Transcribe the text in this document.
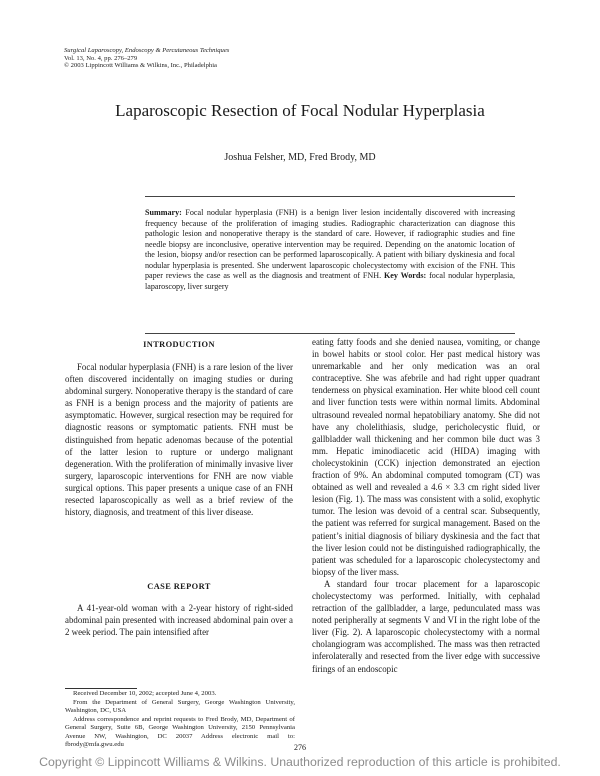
Surgical Laparoscopy, Endoscopy & Percutaneous Techniques
Vol. 13, No. 4, pp. 276–279
© 2003 Lippincott Williams & Wilkins, Inc., Philadelphia
Laparoscopic Resection of Focal Nodular Hyperplasia
Joshua Felsher, MD, Fred Brody, MD
Summary: Focal nodular hyperplasia (FNH) is a benign liver lesion incidentally discovered with increasing frequency because of the proliferation of imaging studies. Radiographic characterization can diagnose this pathologic lesion and nonoperative therapy is the standard of care. However, if radiographic studies and fine needle biopsy are inconclusive, operative intervention may be required. Depending on the anatomic location of the lesion, biopsy and/or resection can be performed laparoscopically. A patient with biliary dyskinesia and focal nodular hyperplasia is presented. She underwent laparoscopic cholecystectomy with excision of the FNH. This paper reviews the case as well as the diagnosis and treatment of FNH. Key Words: focal nodular hyperplasia, laparoscopy, liver surgery
INTRODUCTION

Focal nodular hyperplasia (FNH) is a rare lesion of the liver often discovered incidentally on imaging studies or during abdominal surgery. Nonoperative therapy is the standard of care as FNH is a benign process and the majority of patients are asymptomatic. However, surgical resection may be required for diagnostic reasons or symptomatic patients. FNH must be distinguished from hepatic adenomas because of the potential of the latter lesion to rupture or undergo malignant degeneration. With the proliferation of minimally invasive liver surgery, laparoscopic interventions for FNH are now viable surgical options. This paper presents a unique case of an FNH resected laparoscopically as well as a brief review of the history, diagnosis, and treatment of this liver disease.

CASE REPORT

A 41-year-old woman with a 2-year history of right-sided abdominal pain presented with increased abdominal pain over a 2 week period. The pain intensified after

eating fatty foods and she denied nausea, vomiting, or change in bowel habits or stool color. Her past medical history was unremarkable and her only medication was an oral contraceptive. She was afebrile and had right upper quadrant tenderness on physical examination. Her white blood cell count and liver function tests were within normal limits. Abdominal ultrasound revealed normal hepatobiliary anatomy. She did not have any cholelithiasis, sludge, pericholecystic fluid, or gallbladder wall thickening and her common bile duct was 3 mm. Hepatic iminodiacetic acid (HIDA) imaging with cholecystokinin (CCK) injection demonstrated an ejection fraction of 9%. An abdominal computed tomogram (CT) was obtained as well and revealed a 4.6 × 3.3 cm right sided liver lesion (Fig. 1). The mass was consistent with a solid, exophytic tumor. The lesion was devoid of a central scar. Subsequently, the patient was referred for surgical management. Based on the patient’s initial diagnosis of biliary dyskinesia and the fact that the liver lesion could not be distinguished radiographically, the patient was scheduled for a laparoscopic cholecystectomy and biopsy of the liver mass.

A standard four trocar placement for a laparoscopic cholecystectomy was performed. Initially, with cephalad retraction of the gallbladder, a large, pedunculated mass was noted peripherally at segments V and VI in the right lobe of the liver (Fig. 2). A laparoscopic cholecystectomy with a normal cholangiogram was accomplished. The mass was then retracted inferolaterally and resected from the liver edge with successive firings of an endoscopic

Received December 10, 2002; accepted June 4, 2003.

From the Department of General Surgery, George Washington University, Washington, DC, USA

Address correspondence and reprint requests to Fred Brody, MD, Department of General Surgery, Suite 6B, George Washington University, 2150 Pennsylvania Avenue NW, Washington, DC 20037 Address electronic mail to: fbrody@mfa.gwu.edu	276
Copyright © Lippincott Williams & Wilkins. Unauthorized reproduction of this article is prohibited.
